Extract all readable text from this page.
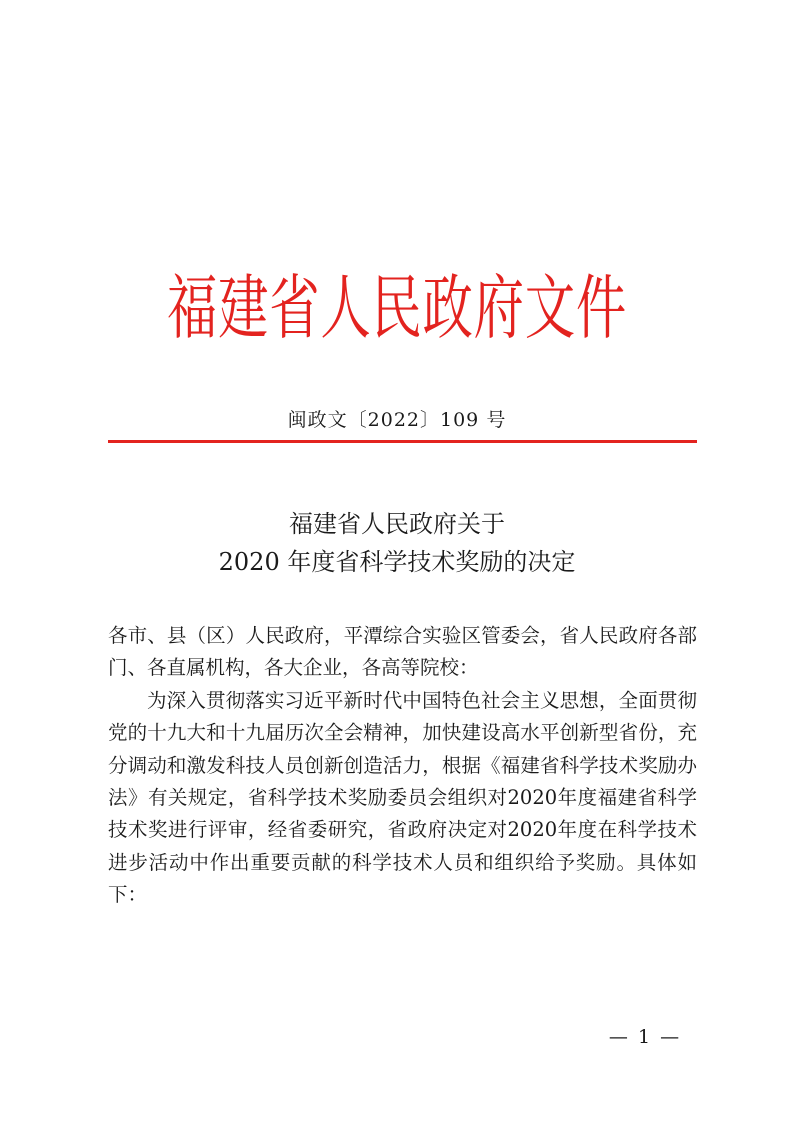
福建省人民政府文件
闽政文〔2022〕109 号
福建省人民政府关于
2020 年度省科学技术奖励的决定

各市、县（区）人民政府，平潭综合实验区管委会，省人民政府各部门、各直属机构，各大企业，各高等院校：

为深入贯彻落实习近平新时代中国特色社会主义思想，全面贯彻党的十九大和十九届历次全会精神，加快建设高水平创新型省份，充分调动和激发科技人员创新创造活力，根据《福建省科学技术奖励办法》有关规定，省科学技术奖励委员会组织对2020年度福建省科学技术奖进行评审，经省委研究，省政府决定对2020年度在科学技术进步活动中作出重要贡献的科学技术人员和组织给予奖励。具体如下：

— 1 —
